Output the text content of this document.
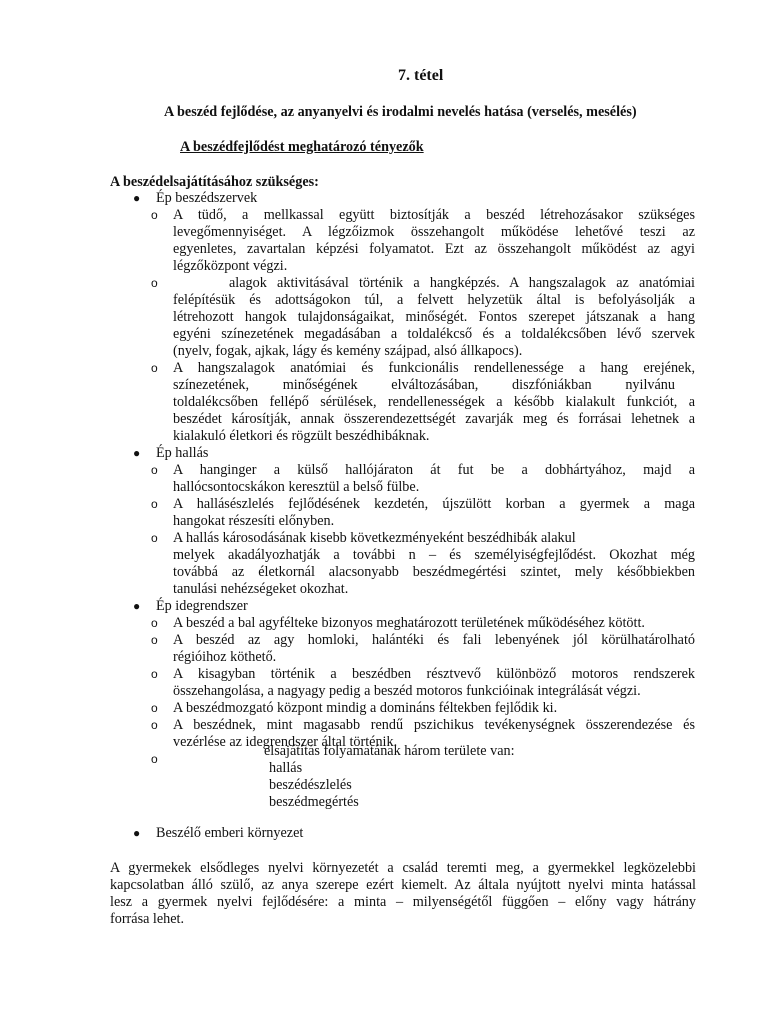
7. tétel
A beszéd fejlődése, az anyanyelvi és irodalmi nevelés hatása (verselés, mesélés)
A beszédfejlődést meghatározó tényezők
A beszédelsajátításához szükséges:
● Ép beszédszervek
o A tüdő, a mellkassal együtt biztosítják a beszéd létrehozásakor szükséges
levegőmennyiséget. A légzőizmok összehangolt működése lehetővé teszi az
egyenletes, zavartalan képzési folyamatot. Ezt az összehangolt működést az agyi
légzőközpont végzi.
o	alagok aktivitásával történik a hangképzés. A hangszalagok az anatómiai
felépítésük és adottságokon túl, a felvett helyzetük által is befolyásolják a
létrehozott hangok tulajdonságaikat, minőségét. Fontos szerepet játszanak a hang
egyéni színezetének megadásában a toldalékcső és a toldalékcsőben lévő szervek
(nyelv, fogak, ajkak, lágy és kemény szájpad, alsó állkapocs).
o A hangszalagok anatómiai és funkcionális rendellenessége a hang erejének,
színezetének, minőségének elváltozásában, diszfóniákban nyilvánu
toldalékcsőben fellépő sérülések, rendellenességek a később kialakult funkciót, a
beszédet károsítják, annak összerendezettségét zavarják meg és forrásai lehetnek a
kialakuló életkori és rögzült beszédhibáknak.
● Ép hallás
o A hanginger a külső hallójáraton át fut be a dobhártyához, majd a
hallócsontocskákon keresztül a belső fülbe.
o A hallásészlelés fejlődésének kezdetén, újszülött korban a gyermek a maga
hangokat részesíti előnyben.
o A hallás károsodásának kisebb következményeként beszédhibák alakul
melyek akadályozhatják a további n – és személyiségfejlődést. Okozhat még
továbbá az életkornál alacsonyabb beszédmegértési szintet, mely későbbiekben
tanulási nehézségeket okozhat.
● Ép idegrendszer
o A beszéd a bal agyfélteke bizonyos meghatározott területének működéséhez kötött.
o A beszéd az agy homloki, halántéki és fali lebenyének jól körülhatárolható
régióihoz köthető.
o A kisagyban történik a beszédben résztvevő különböző motoros rendszerek
összehangolása, a nagyagy pedig a beszéd motoros funkcióinak integrálását végzi.
o A beszédmozgató központ mindig a domináns féltekben fejlődik ki.
o A beszédnek, mint magasabb rendű pszichikus tevékenységnek összerendezése és
vezérlése az idegrendszer által történik.
o	elsajátítás folyamatának három területe van:
hallás
beszédészlelés
beszédmegértés
● Beszélő emberi környezet
A gyermekek elsődleges nyelvi környezetét a család teremti meg, a gyermekkel legközelebbi
kapcsolatban álló szülő, az anya szerepe ezért kiemelt. Az általa nyújtott nyelvi minta hatással
lesz a gyermek nyelvi fejlődésére: a minta – milyenségétől függően – előny vagy hátrány
forrása lehet.
